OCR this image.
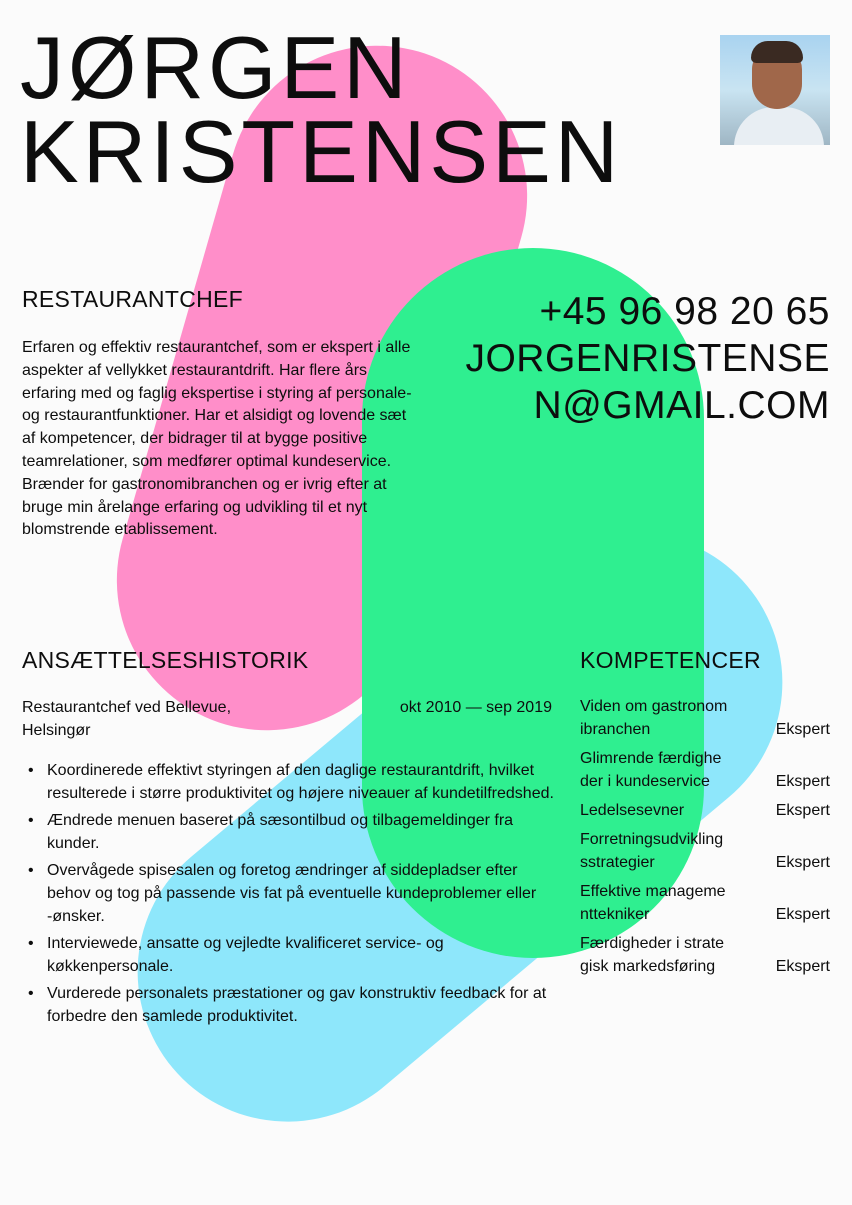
JØRGEN
KRISTENSEN
RESTAURANTCHEF

Erfaren og effektiv restaurantchef, som er ekspert i alle aspekter af vellykket restaurantdrift. Har flere års erfaring med og faglig ekspertise i styring af personale- og restaurantfunktioner. Har et alsidigt og lovende sæt af kompetencer, der bidrager til at bygge positive teamrelationer, som medfører optimal kundeservice. Brænder for gastronomibranchen og er ivrig efter at bruge min årelange erfaring og udvikling til et nyt blomstrende etablissement.

+45 96 98 20 65
JORGENRISTENSE
N@GMAIL.COM
ANSÆTTELSESHISTORIK
Restaurantchef ved Bellevue, Helsingør
okt 2010 — sep 2019
• Koordinerede effektivt styringen af den daglige restaurantdrift, hvilket resulterede i større produktivitet og højere niveauer af kundetilfredshed.
• Ændrede menuen baseret på sæsontilbud og tilbagemeldinger fra kunder.
• Overvågede spisesalen og foretog ændringer af siddepladser efter behov og tog på passende vis fat på eventuelle kundeproblemer eller -ønsker.
• Interviewede, ansatte og vejledte kvalificeret service- og køkkenpersonale.
• Vurderede personalets præstationer og gav konstruktiv feedback for at forbedre den samlede produktivitet.
KOMPETENCER
Viden om gastronomibranchen	Ekspert
Glimrende færdigheder i kundeservice	Ekspert
Ledelsesevner	Ekspert
Forretningsudviklingsstrategier	Ekspert
Effektive managementtekniker	Ekspert
Færdigheder i strategisk markedsføring	Ekspert
